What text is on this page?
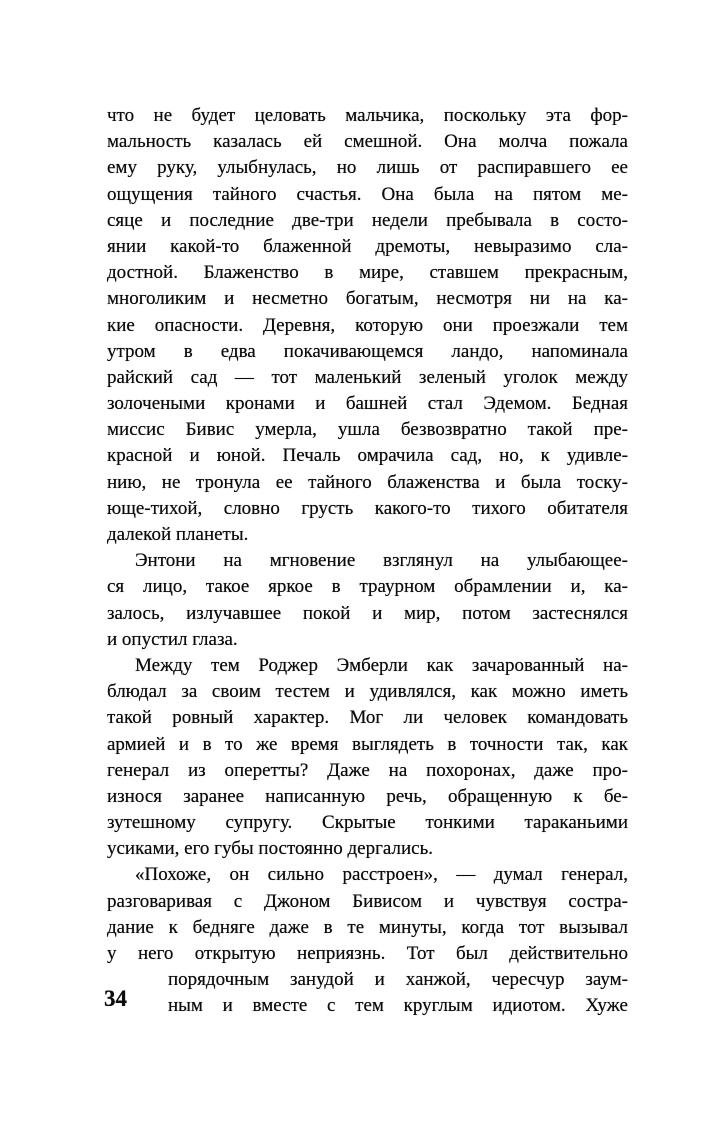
что не будет целовать мальчика, поскольку эта фор-
мальность казалась ей смешной. Она молча пожала
ему руку, улыбнулась, но лишь от распиравшего ее
ощущения тайного счастья. Она была на пятом ме-
сяце и последние две-три недели пребывала в состо-
янии какой-то блаженной дремоты, невыразимо сла-
достной. Блаженство в мире, ставшем прекрасным,
многоликим и несметно богатым, несмотря ни на ка-
кие опасности. Деревня, которую они проезжали тем
утром в едва покачивающемся ландо, напоминала
райский сад — тот маленький зеленый уголок между
золочеными кронами и башней стал Эдемом. Бедная
миссис Бивис умерла, ушла безвозвратно такой пре-
красной и юной. Печаль омрачила сад, но, к удивле-
нию, не тронула ее тайного блаженства и была тоску-
юще-тихой, словно грусть какого-то тихого обитателя
далекой планеты.
Энтони на мгновение взглянул на улыбающее-
ся лицо, такое яркое в траурном обрамлении и, ка-
залось, излучавшее покой и мир, потом застеснялся
и опустил глаза.
Между тем Роджер Эмберли как зачарованный на-
блюдал за своим тестем и удивлялся, как можно иметь
такой ровный характер. Мог ли человек командовать
армией и в то же время выглядеть в точности так, как
генерал из оперетты? Даже на похоронах, даже про-
износя заранее написанную речь, обращенную к бе-
зутешному супругу. Скрытые тонкими тараканьими
усиками, его губы постоянно дергались.
«Похоже, он сильно расстроен», — думал генерал,
разговаривая с Джоном Бивисом и чувствуя состра-
дание к бедняге даже в те минуты, когда тот вызывал
у него открытую неприязнь. Тот был действительно
порядочным занудой и ханжой, чересчур заум-
ным и вместе с тем круглым идиотом. Хуже
34
